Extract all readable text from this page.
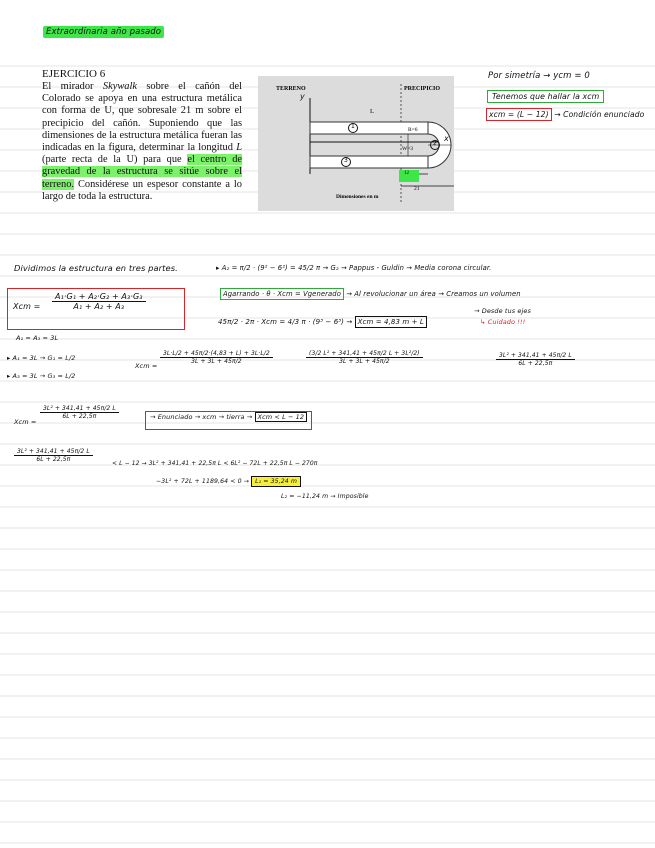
Extraordinaria año pasado
EJERCICIO 6
El mirador Skywalk sobre el cañón del Colorado se apoya en una estructura metálica con forma de U, que sobresale 21 m sobre el precipicio del cañón. Suponiendo que las dimensiones de la estructura metálica fueran las indicadas en la figura, determinar la longitud L (parte recta de la U) para que el centro de gravedad de la estructura se sitúe sobre el terreno. Considérese un espesor constante a lo largo de toda la estructura.
TERRENO	PRECIPICIO
L
R=6
W=3
21
12
Dimensiones en m
y
x
1
2
3
Por simetría → ycm = 0
Tenemos que hallar la xcm
xcm = (L − 12) → Condición enunciado
Dividimos la estructura en tres partes.	▸ A₂ = π/2 · (9² − 6²) = 45/2 π → G₂ → Pappus - Guldin → Media corona circular.
Xcm = $\frac{\text{A₁·G₁ + A₂·G₂ + A₃·G₃}}{\text{A₁ + A₂ + A₃}}$	Agarrando · θ · Xcm = Vgenerado → Al revolucionar un área → Creamos un volumen
45π/2 · 2π · Xcm = 4/3 π · (9³ − 6³) → Xcm = 4,83 m + L
→ Desde tus ejes
↳ Cuidado !!!
A₁ = A₃ = 3L
▸ A₁ = 3L → G₁ = L/2
▸ A₃ = 3L → G₃ = L/2
Xcm =
$\frac{3L\cdot L/2 + 45\pi/2\cdot(4,83 + L) + 3L\cdot L/2}{3L + 3L + 45\pi/2}$	$\frac{\text{(3/2 L² + 341,41 + 45π/2 L + 3L²/2)}}{3L + 3L + 45\pi/2}$	$\frac{\text{3L² + 341,41 + 45π/2 L}}{6L + 22,5\pi}$
Xcm =
$\frac{\text{3L² + 341,41 + 45π/2 L}}{6L + 22,5\pi}$	→ Enunciado → xcm → tierra → Xcm < L − 12
$\frac{\text{3L² + 341,41 + 45π/2 L}}{6L + 22,5\pi}$
< L − 12 → 3L² + 341,41 + 22,5π L < 6L² − 72L + 22,5π L − 270π
−3L² + 72L + 1189,64 < 0 → L₁ = 35,24 m
L₂ = −11,24 m → Imposible
